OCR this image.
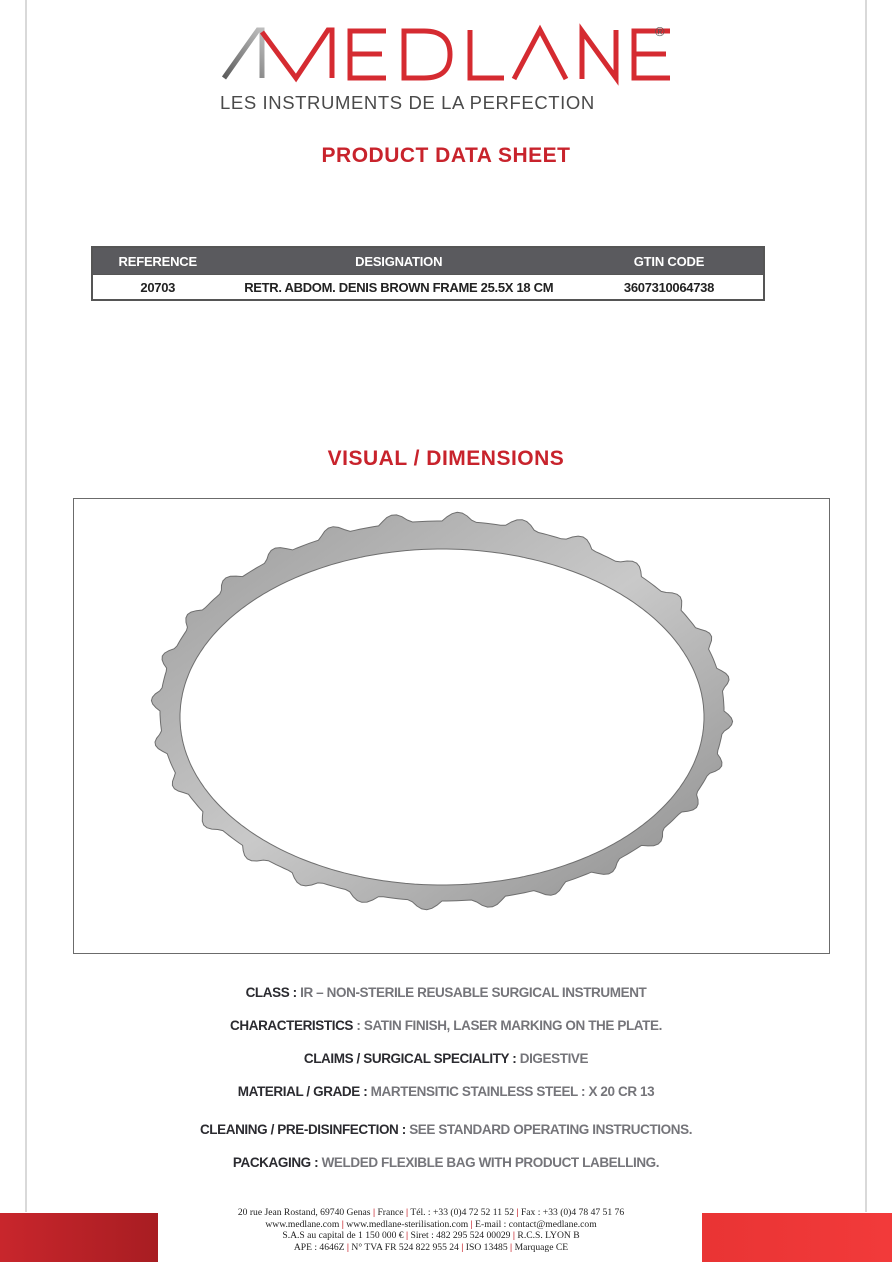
®
LES INSTRUMENTS DE LA PERFECTION
PRODUCT DATA SHEET
REFERENCE	DESIGNATION	GTIN CODE
20703	RETR. ABDOM. DENIS BROWN FRAME 25.5X 18 CM	3607310064738
VISUAL / DIMENSIONS
CLASS : IR – NON-STERILE REUSABLE SURGICAL INSTRUMENT
CHARACTERISTICS : SATIN FINISH, LASER MARKING ON THE PLATE.
CLAIMS / SURGICAL SPECIALITY : DIGESTIVE
MATERIAL / GRADE : MARTENSITIC STAINLESS STEEL : X 20 CR 13
CLEANING / PRE-DISINFECTION : SEE STANDARD OPERATING INSTRUCTIONS.
PACKAGING : WELDED FLEXIBLE BAG WITH PRODUCT LABELLING.
20 rue Jean Rostand, 69740 Genas | France | Tél. : +33 (0)4 72 52 11 52 | Fax : +33 (0)4 78 47 51 76
www.medlane.com | www.medlane-sterilisation.com | E-mail : contact@medlane.com
S.A.S au capital de 1 150 000 € | Siret : 482 295 524 00029 | R.C.S. LYON B
APE : 4646Z | N° TVA FR 524 822 955 24 | ISO 13485 | Marquage CE
